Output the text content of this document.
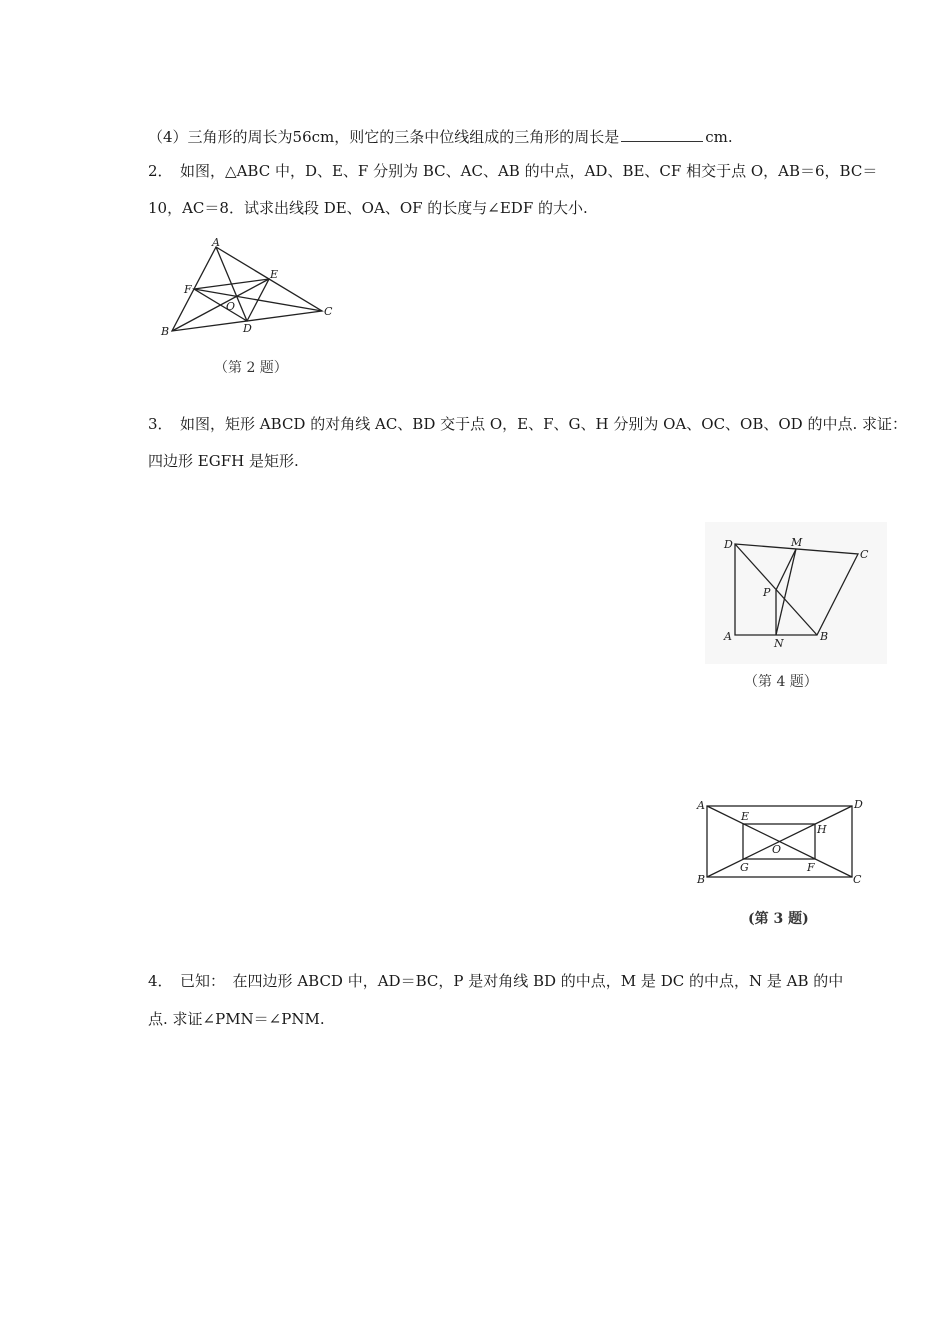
（4）三角形的周长为56cm，则它的三条中位线组成的三角形的周长是	cm.
2．　如图，△ABC 中，D、E、F 分别为 BC、AC、AB 的中点，AD、BE、CF 相交于点 O，AB＝6，BC＝
10，AC＝8．试求出线段 DE、OA、OF 的长度与∠EDF 的大小.
A
B
C
D
E
F
O
（第 2 题）
3．　如图，矩形 ABCD 的对角线 AC、BD 交于点 O，E、F、G、H 分别为 OA、OC、OB、OD 的中点. 求证：
四边形 EGFH 是矩形.
D	M
C
P
A
N
B
（第 4 题）
A	D
B	C
E
H
O
G	F
(第 3 题)
4．　已知：　在四边形 ABCD 中，AD＝BC，P 是对角线 BD 的中点，M 是 DC 的中点，N 是 AB 的中
点. 求证∠PMN＝∠PNM.
